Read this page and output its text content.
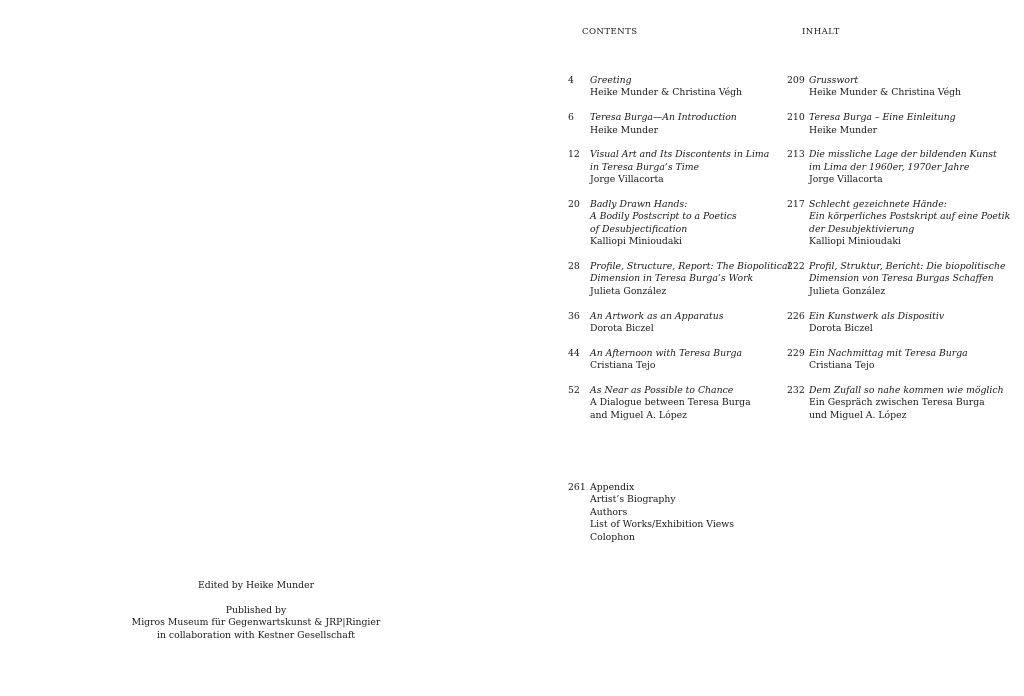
Edited by Heike Munder
Published by
Migros Museum für Gegenwartskunst & JRP|Ringier
in collaboration with Kestner Gesellschaft
CONTENTS	INHALT
4	Greeting
Heike Munder & Christina Végh
6	Teresa Burga—An Introduction
Heike Munder
12	Visual Art and Its Discontents in Lima
in Teresa Burga’s Time
Jorge Villacorta
20	Badly Drawn Hands:
A Bodily Postscript to a Poetics
of Desubjectification
Kalliopi Minioudaki
28	Profile, Structure, Report: The Biopolitical
Dimension in Teresa Burga’s Work
Julieta González
36	An Artwork as an Apparatus
Dorota Biczel
44	An Afternoon with Teresa Burga
Cristiana Tejo
52	As Near as Possible to Chance
A Dialogue between Teresa Burga
and Miguel A. López
209 Grusswort
Heike Munder & Christina Végh
210 Teresa Burga – Eine Einleitung
Heike Munder
213 Die missliche Lage der bildenden Kunst
im Lima der 1960er, 1970er Jahre
Jorge Villacorta
217 Schlecht gezeichnete Hände:
Ein körperliches Postskript auf eine Poetik
der Desubjektivierung
Kalliopi Minioudaki
222 Profil, Struktur, Bericht: Die biopolitische
Dimension von Teresa Burgas Schaffen
Julieta González
226 Ein Kunstwerk als Dispositiv
Dorota Biczel
229 Ein Nachmittag mit Teresa Burga
Cristiana Tejo
232 Dem Zufall so nahe kommen wie möglich
Ein Gespräch zwischen Teresa Burga
und Miguel A. López
261 Appendix
Artist’s Biography
Authors
List of Works/Exhibition Views
Colophon
